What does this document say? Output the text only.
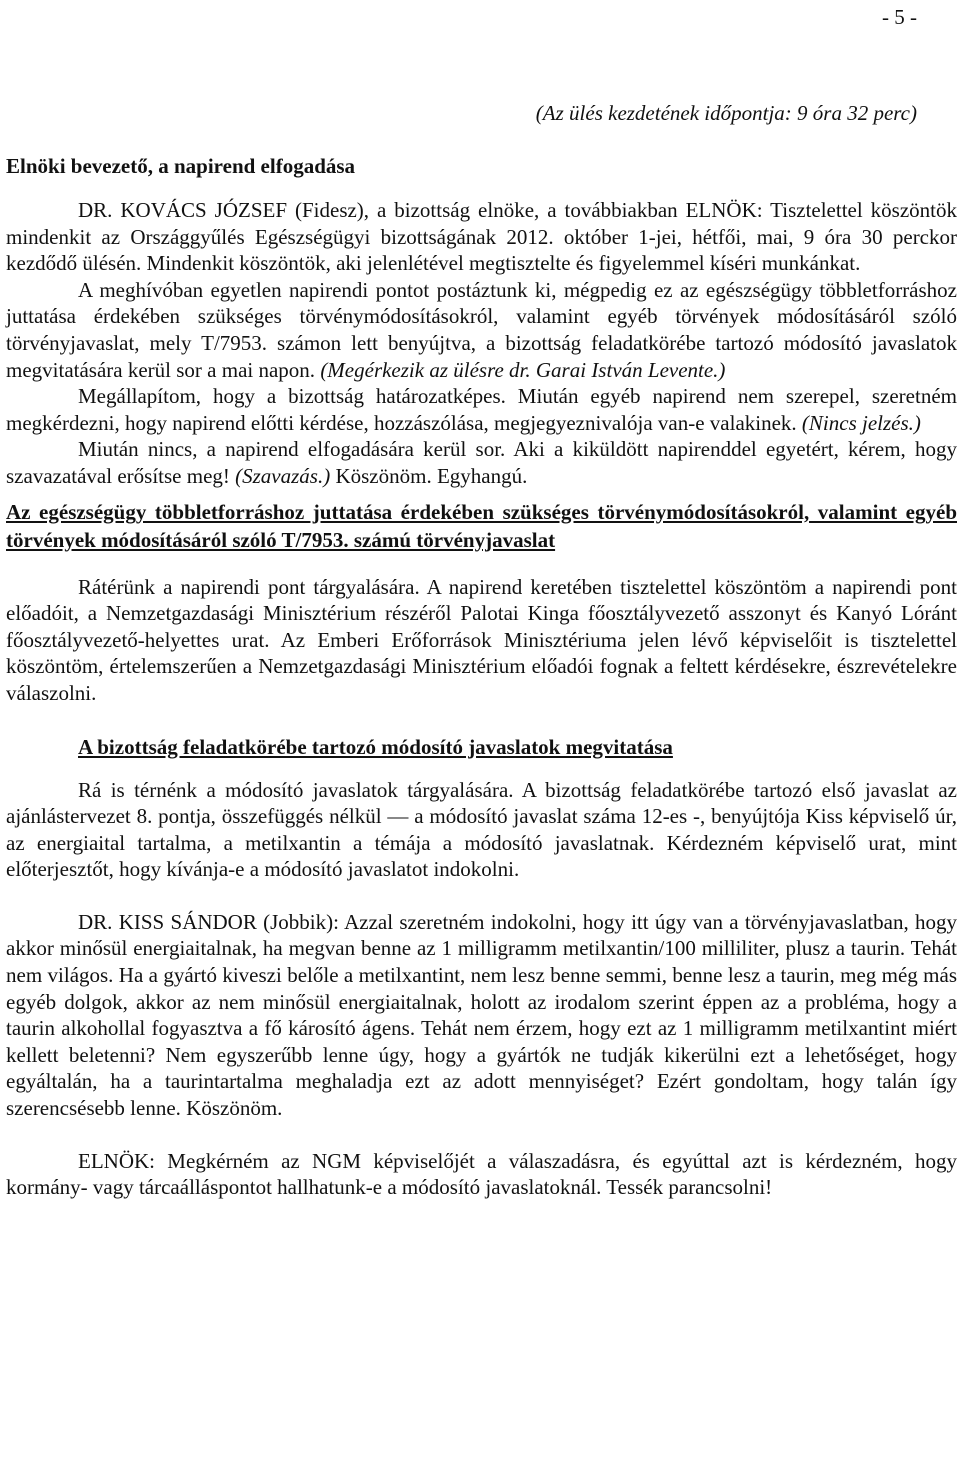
- 5 -

(Az ülés kezdetének időpontja: 9 óra 32 perc)

Elnöki bevezető, a napirend elfogadása

DR. KOVÁCS JÓZSEF (Fidesz), a bizottság elnöke, a továbbiakban ELNÖK: Tisztelettel köszöntök mindenkit az Országgyűlés Egészségügyi bizottságának 2012. október 1-jei, hétfői, mai, 9 óra 30 perckor kezdődő ülésén. Mindenkit köszöntök, aki jelenlétével megtisztelte és figyelemmel kíséri munkánkat.

A meghívóban egyetlen napirendi pontot postáztunk ki, mégpedig ez az egészségügy többletforráshoz juttatása érdekében szükséges törvénymódosításokról, valamint egyéb törvények módosításáról szóló törvényjavaslat, mely T/7953. számon lett benyújtva, a bizottság feladatkörébe tartozó módosító javaslatok megvitatására kerül sor a mai napon. (Megérkezik az ülésre dr. Garai István Levente.)

Megállapítom, hogy a bizottság határozatképes. Miután egyéb napirend nem szerepel, szeretném megkérdezni, hogy napirend előtti kérdése, hozzászólása, megjegyeznivalója van-e valakinek. (Nincs jelzés.)

Miután nincs, a napirend elfogadására kerül sor. Aki a kiküldött napirenddel egyetért, kérem, hogy szavazatával erősítse meg! (Szavazás.) Köszönöm. Egyhangú.

Az egészségügy többletforráshoz juttatása érdekében szükséges törvénymódosításokról, valamint egyéb törvények módosításáról szóló T/7953. számú törvényjavaslat

Rátérünk a napirendi pont tárgyalására. A napirend keretében tisztelettel köszöntöm a napirendi pont előadóit, a Nemzetgazdasági Minisztérium részéről Palotai Kinga főosztályvezető asszonyt és Kanyó Lóránt főosztályvezető-helyettes urat. Az Emberi Erőforrások Minisztériuma jelen lévő képviselőit is tisztelettel köszöntöm, értelemszerűen a Nemzetgazdasági Minisztérium előadói fognak a feltett kérdésekre, észrevételekre válaszolni.

A bizottság feladatkörébe tartozó módosító javaslatok megvitatása

Rá is térnénk a módosító javaslatok tárgyalására. A bizottság feladatkörébe tartozó első javaslat az ajánlástervezet 8. pontja, összefüggés nélkül — a módosító javaslat száma 12-es -, benyújtója Kiss képviselő úr, az energiaital tartalma, a metilxantin a témája a módosító javaslatnak. Kérdezném képviselő urat, mint előterjesztőt, hogy kívánja-e a módosító javaslatot indokolni.

DR. KISS SÁNDOR (Jobbik): Azzal szeretném indokolni, hogy itt úgy van a törvényjavaslatban, hogy akkor minősül energiaitalnak, ha megvan benne az 1 milligramm metilxantin/100 milliliter, plusz a taurin. Tehát nem világos. Ha a gyártó kiveszi belőle a metilxantint, nem lesz benne semmi, benne lesz a taurin, meg még más egyéb dolgok, akkor az nem minősül energiaitalnak, holott az irodalom szerint éppen az a probléma, hogy a taurin alkohollal fogyasztva a fő károsító ágens. Tehát nem érzem, hogy ezt az 1 milligramm metilxantint miért kellett beletenni? Nem egyszerűbb lenne úgy, hogy a gyártók ne tudják kikerülni ezt a lehetőséget, hogy egyáltalán, ha a taurintartalma meghaladja ezt az adott mennyiséget? Ezért gondoltam, hogy talán így szerencsésebb lenne. Köszönöm.

ELNÖK: Megkérném az NGM képviselőjét a válaszadásra, és egyúttal azt is kérdezném, hogy kormány- vagy tárcaálláspontot hallhatunk-e a módosító javaslatoknál. Tessék parancsolni!
